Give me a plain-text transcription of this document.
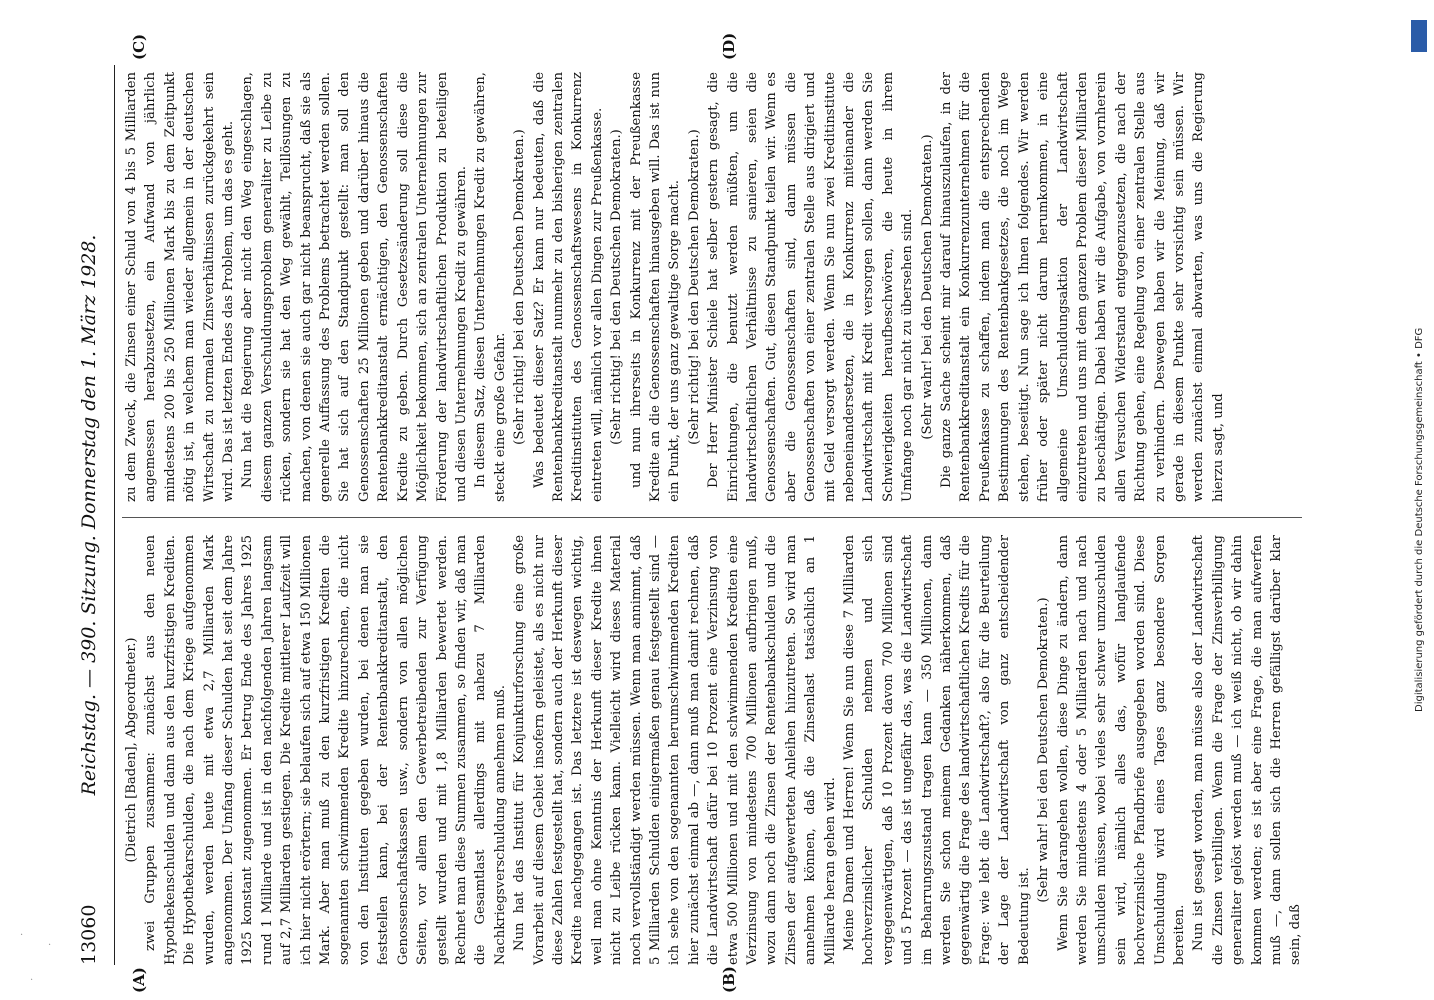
·
·
.
13060
Reichstag. — 390. Sitzung. Donnerstag den 1. März 1928. (Dietrich [Baden], Abgeordneter.) zwei Gruppen zusammen: zunächst aus den neuen Hypothekenschulden und dann aus den kurzfristigen Krediten. Die Hypothekarschulden, die nach dem Kriege aufgenommen wurden, werden heute mit etwa 2,7 Milliarden Mark angenommen. Der Umfang dieser Schulden hat seit dem Jahre 1925 konstant zugenommen. Er betrug Ende des Jahres 1925 rund 1 Milliarde und ist in den nachfolgenden Jahren langsam auf 2,7 Milliarden gestiegen. Die Kredite mittlerer Laufzeit will ich hier nicht erörtern; sie belaufen sich auf etwa 150 Millionen Mark. Aber man muß zu den kurzfristigen Krediten die sogenannten schwimmenden Kredite hinzurechnen, die nicht von den Instituten gegeben wurden, bei denen man sie feststellen kann, bei der Rentenbankkreditanstalt, den Genossenschaftskassen usw., sondern von allen möglichen Seiten, vor allem den Gewerbetreibenden zur Verfügung gestellt wurden und mit 1,8 Milliarden bewertet werden. Rechnet man diese Summen zusammen, so finden wir, daß man die Gesamtlast allerdings mit nahezu 7 Milliarden Nachkriegsverschuldung annehmen muß. Nun hat das Institut für Konjunkturforschung eine große Vorarbeit auf diesem Gebiet insofern geleistet, als es nicht nur diese Zahlen festgestellt hat, sondern auch der Herkunft dieser Kredite nachgegangen ist. Das letztere ist deswegen wichtig, weil man ohne Kenntnis der Herkunft dieser Kredite ihnen nicht zu Leibe rücken kann. Vielleicht wird dieses Material noch vervollständigt werden müssen. Wenn man annimmt, daß 5 Milliarden Schulden einigermaßen genau festgestellt sind — ich sehe von den sogenannten herumschwimmenden Krediten hier zunächst einmal ab —, dann muß man damit rechnen, daß die Landwirtschaft dafür bei 10 Prozent eine Verzinsung von etwa 500 Millionen und mit den schwimmenden Krediten eine Verzinsung von mindestens 700 Millionen aufbringen muß, wozu dann noch die Zinsen der Rentenbankschulden und die Zinsen der aufgewerteten Anleihen hinzutreten. So wird man annehmen können, daß die Zinsenlast tatsächlich an 1 Milliarde heran gehen wird. Meine Damen und Herren! Wenn Sie nun diese 7 Milliarden hochverzinslicher Schulden nehmen und sich vergegenwärtigen, daß 10 Prozent davon 700 Millionen sind und 5 Prozent — das ist ungefähr das, was die Landwirtschaft im Beharrungszustand tragen kann — 350 Millionen, dann werden Sie schon meinem Gedanken näherkommen, daß gegenwärtig die Frage des landwirtschaftlichen Kredits für die Frage: wie lebt die Landwirtschaft?, also für die Beurteilung der Lage der Landwirtschaft von ganz entscheidender Bedeutung ist.

(Sehr wahr! bei den Deutschen Demokraten.) Wenn Sie darangehen wollen, diese Dinge zu ändern, dann werden Sie mindestens 4 oder 5 Milliarden nach und nach umschulden müssen, wobei vieles sehr schwer umzuschulden sein wird, nämlich alles das, wofür langlaufende hochverzinsliche Pfandbriefe ausgegeben worden sind. Diese Umschuldung wird eines Tages ganz besondere Sorgen bereiten. Nun ist gesagt worden, man müsse also der Landwirtschaft die Zinsen verbilligen. Wenn die Frage der Zinsverbilligung generaliter gelöst werden muß — ich weiß nicht, ob wir dahin kommen werden; es ist aber eine Frage, die man aufwerfen muß —, dann sollen sich die Herren gefälligst darüber klar sein, daß

zu dem Zweck, die Zinsen einer Schuld von 4 bis 5 Milliarden angemessen herabzusetzen, ein Aufwand von jährlich mindestens 200 bis 250 Millionen Mark bis zu dem Zeitpunkt nötig ist, in welchem man wieder allgemein in der deutschen Wirtschaft zu normalen Zinsverhältnissen zurückgekehrt sein wird. Das ist letzten Endes das Problem, um das es geht. Nun hat die Regierung aber nicht den Weg eingeschlagen, diesem ganzen Verschuldungsproblem generaliter zu Leibe zu rücken, sondern sie hat den Weg gewählt, Teillösungen zu machen, von denen sie auch gar nicht beansprucht, daß sie als generelle Auffassung des Problems betrachtet werden sollen. Sie hat sich auf den Standpunkt gestellt: man soll den Genossenschaften 25 Millionen geben und darüber hinaus die Rentenbankkreditanstalt ermächtigen, den Genossenschaften Kredite zu geben. Durch Gesetzesänderung soll diese die Möglichkeit bekommen, sich an zentralen Unternehmungen zur Förderung der landwirtschaftlichen Produktion zu beteiligen und diesen Unternehmungen Kredit zu gewähren. In diesem Satz, diesen Unternehmungen Kredit zu gewähren, steckt eine große Gefahr. (Sehr richtig! bei den Deutschen Demokraten.) Was bedeutet dieser Satz? Er kann nur bedeuten, daß die Rentenbankkreditanstalt nunmehr zu den bisherigen zentralen Kreditinstituten des Genossenschaftswesens in Konkurrenz eintreten will, nämlich vor allen Dingen zur Preußenkasse. (Sehr richtig! bei den Deutschen Demokraten.) und nun ihrerseits in Konkurrenz mit der Preußenkasse Kredite an die Genossenschaften hinausgeben will. Das ist nun ein Punkt, der uns ganz gewaltige Sorge macht. (Sehr richtig! bei den Deutschen Demokraten.) Der Herr Minister Schiele hat selber gestern gesagt, die Einrichtungen, die benutzt werden müßten, um die landwirtschaftlichen Verhältnisse zu sanieren, seien die Genossenschaften. Gut, diesen Standpunkt teilen wir. Wenn es aber die Genossenschaften sind, dann müssen die Genossenschaften von einer zentralen Stelle aus dirigiert und mit Geld versorgt werden. Wenn Sie nun zwei Kreditinstitute nebeneinandersetzen, die in Konkurrenz miteinander die Landwirtschaft mit Kredit versorgen sollen, dann werden Sie Schwierigkeiten heraufbeschwören, die heute in ihrem Umfange noch gar nicht zu übersehen sind. (Sehr wahr! bei den Deutschen Demokraten.) Die ganze Sache scheint mir darauf hinauszulaufen, in der Rentenbankkreditanstalt ein Konkurrenzunternehmen für die Preußenkasse zu schaffen, indem man die entsprechenden Bestimmungen des Rentenbankgesetzes, die noch im Wege stehen, beseitigt. Nun sage ich Ihnen folgendes. Wir werden früher oder später nicht darum herumkommen, in eine allgemeine Umschuldungsaktion der Landwirtschaft einzutreten und uns mit dem ganzen Problem dieser Milliarden zu beschäftigen. Dabei haben wir die Aufgabe, von vornherein allen Versuchen Widerstand entgegenzusetzen, die nach der Richtung gehen, eine Regelung von einer zentralen Stelle aus zu verhindern. Deswegen haben wir die Meinung, daß wir gerade in diesem Punkte sehr vorsichtig sein müssen. Wir werden zunächst einmal abwarten, was uns die Regierung hierzu sagt, und

(A)	(B)
(C)	(D)
Digitalisierung gefördert durch die Deutsche Forschungsgemeinschaft • DFG
